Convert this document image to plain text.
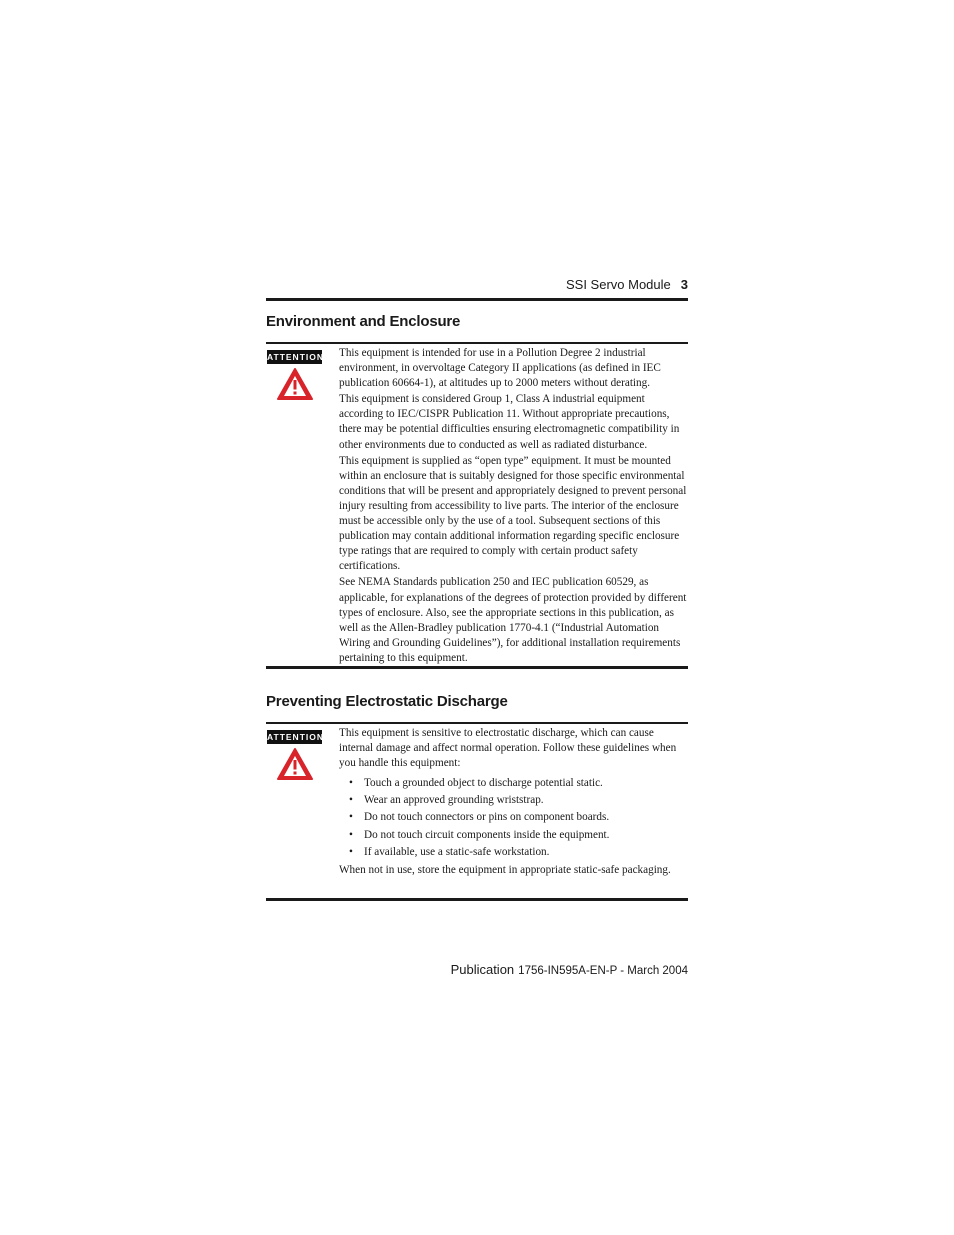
SSI Servo Module 3
Environment and Enclosure
ATTENTION This equipment is intended for use in a Pollution Degree 2 industrial environment, in overvoltage Category II applications (as defined in IEC publication 60664-1), at altitudes up to 2000 meters without derating.

This equipment is considered Group 1, Class A industrial equipment according to IEC/CISPR Publication 11. Without appropriate precautions, there may be potential difficulties ensuring electromagnetic compatibility in other environments due to conducted as well as radiated disturbance.

This equipment is supplied as “open type” equipment. It must be mounted within an enclosure that is suitably designed for those specific environmental conditions that will be present and appropriately designed to prevent personal injury resulting from accessibility to live parts. The interior of the enclosure must be accessible only by the use of a tool. Subsequent sections of this publication may contain additional information regarding specific enclosure type ratings that are required to comply with certain product safety certifications.

See NEMA Standards publication 250 and IEC publication 60529, as applicable, for explanations of the degrees of protection provided by different types of enclosure. Also, see the appropriate sections in this publication, as well as the Allen-Bradley publication 1770-4.1 (“Industrial Automation Wiring and Grounding Guidelines”), for additional installation requirements pertaining to this equipment.

Preventing Electrostatic Discharge
ATTENTION This equipment is sensitive to electrostatic discharge, which can cause internal damage and affect normal operation. Follow these guidelines when you handle this equipment:

• Touch a grounded object to discharge potential static.
• Wear an approved grounding wriststrap.
• Do not touch connectors or pins on component boards.
• Do not touch circuit components inside the equipment.
• If available, use a static-safe workstation.

When not in use, store the equipment in appropriate static-safe packaging.

Publication 1756-IN595A-EN-P - March 2004
